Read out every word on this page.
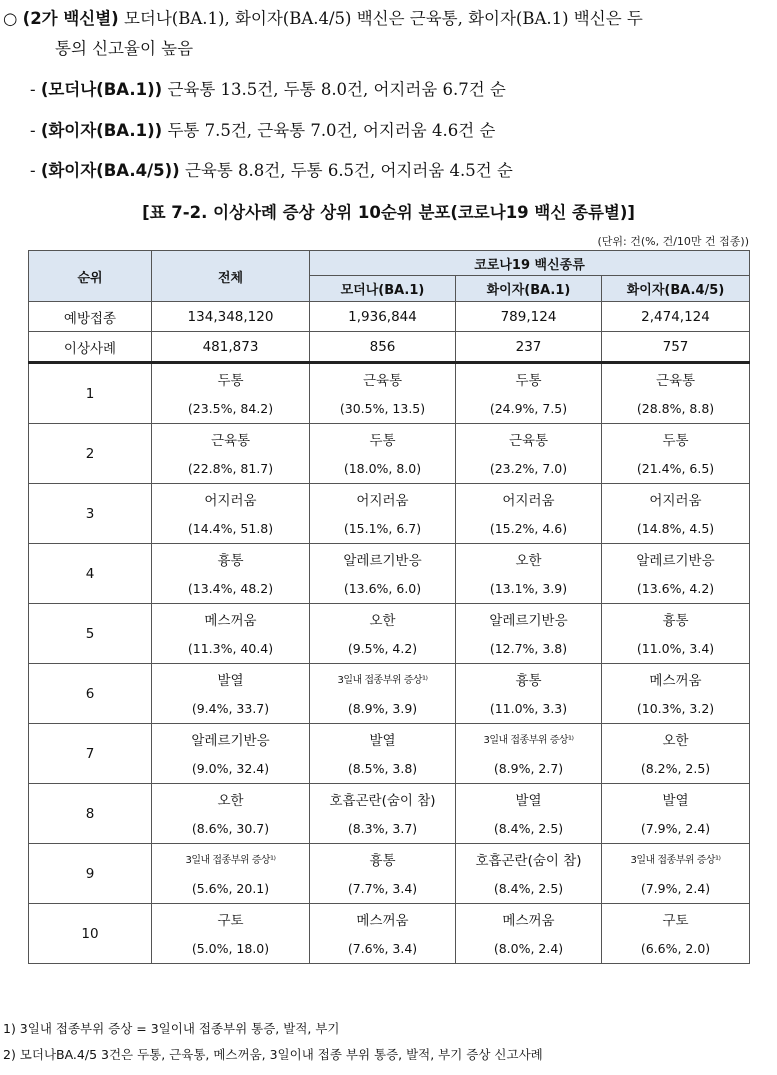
○ (2가 백신별) 모더나(BA.1), 화이자(BA.4/5) 백신은 근육통, 화이자(BA.1) 백신은 두
통의 신고율이 높음
- (모더나(BA.1)) 근육통 13.5건, 두통 8.0건, 어지러움 6.7건 순
- (화이자(BA.1)) 두통 7.5건, 근육통 7.0건, 어지러움 4.6건 순
- (화이자(BA.4/5)) 근육통 8.8건, 두통 6.5건, 어지러움 4.5건 순
[표 7-2. 이상사례 증상 상위 10순위 분포(코로나19 백신 종류별)]
(단위: 건(%, 건/10만 건 접종))
순위	전체	코로나19 백신종류		
		모더나(BA.1)	화이자(BA.1)	화이자(BA.4/5)
예방접종	134,348,120	1,936,844	789,124	2,474,124
이상사례	481,873	856	237	757
1	두통	근육통	두통	근육통
	(23.5%, 84.2)	(30.5%, 13.5)	(24.9%, 7.5)	(28.8%, 8.8)
2	근육통	두통	근육통	두통
	(22.8%, 81.7)	(18.0%, 8.0)	(23.2%, 7.0)	(21.4%, 6.5)
3	어지러움	어지러움	어지러움	어지러움
	(14.4%, 51.8)	(15.1%, 6.7)	(15.2%, 4.6)	(14.8%, 4.5)
4	흉통	알레르기반응	오한	알레르기반응
	(13.4%, 48.2)	(13.6%, 6.0)	(13.1%, 3.9)	(13.6%, 4.2)
5	메스꺼움	오한	알레르기반응	흉통
	(11.3%, 40.4)	(9.5%, 4.2)	(12.7%, 3.8)	(11.0%, 3.4)
6	발열	3일내 접종부위 증상¹⁾	흉통	메스꺼움
	(9.4%, 33.7)	(8.9%, 3.9)	(11.0%, 3.3)	(10.3%, 3.2)
7	알레르기반응	발열	3일내 접종부위 증상¹⁾	오한
	(9.0%, 32.4)	(8.5%, 3.8)	(8.9%, 2.7)	(8.2%, 2.5)
8	오한	호흡곤란(숨이 참)	발열	발열
	(8.6%, 30.7)	(8.3%, 3.7)	(8.4%, 2.5)	(7.9%, 2.4)
9	3일내 접종부위 증상¹⁾	흉통	호흡곤란(숨이 참)	3일내 접종부위 증상¹⁾
	(5.6%, 20.1)	(7.7%, 3.4)	(8.4%, 2.5)	(7.9%, 2.4)
10	구토	메스꺼움	메스꺼움	구토
	(5.0%, 18.0)	(7.6%, 3.4)	(8.0%, 2.4)	(6.6%, 2.0)
1) 3일내 접종부위 증상 = 3일이내 접종부위 통증, 발적, 부기
2) 모더나BA.4/5 3건은 두통, 근육통, 메스꺼움, 3일이내 접종 부위 통증, 발적, 부기 증상 신고사례
